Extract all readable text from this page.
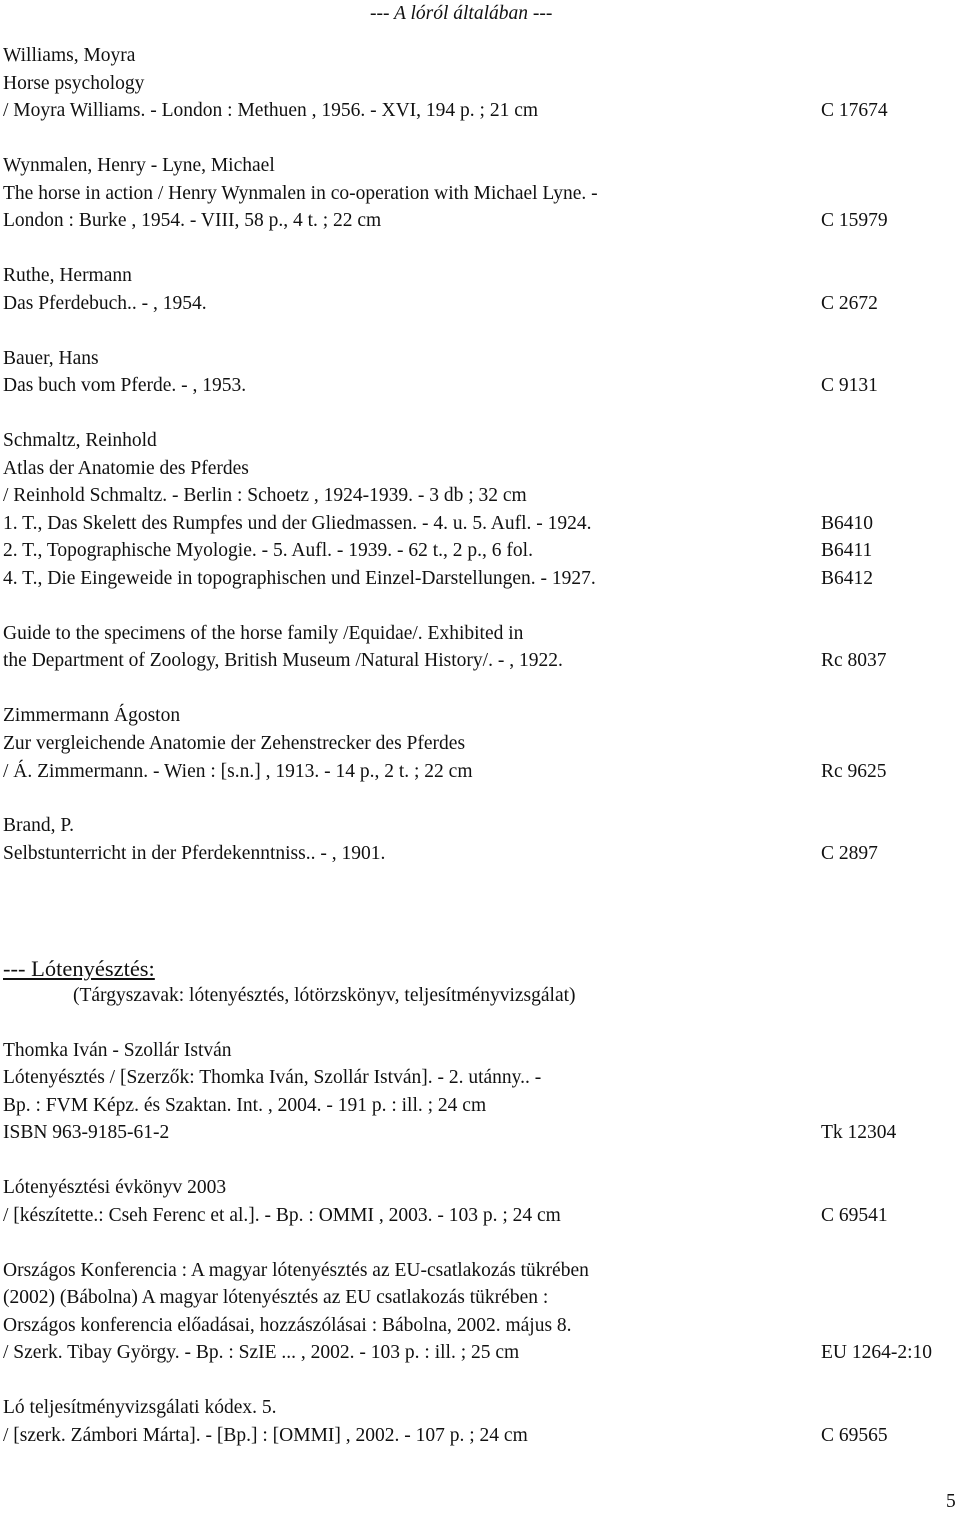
--- A lóról általában ---
Williams, Moyra
Horse psychology
/ Moyra Williams. - London : Methuen , 1956. - XVI, 194 p. ; 21 cm	C 17674
Wynmalen, Henry - Lyne, Michael
The horse in action / Henry Wynmalen in co-operation with Michael Lyne. -
London : Burke , 1954. - VIII, 58 p., 4 t. ; 22 cm	C 15979
Ruthe, Hermann
Das Pferdebuch.. - , 1954.	C 2672
Bauer, Hans
Das buch vom Pferde. - , 1953.	C 9131
Schmaltz, Reinhold
Atlas der Anatomie des Pferdes
/ Reinhold Schmaltz. - Berlin : Schoetz , 1924-1939. - 3 db ; 32 cm
1. T., Das Skelett des Rumpfes und der Gliedmassen. - 4. u. 5. Aufl. - 1924.	B6410
2. T., Topographische Myologie. - 5. Aufl. - 1939. - 62 t., 2 p., 6 fol.	B6411
4. T., Die Eingeweide in topographischen und Einzel-Darstellungen. - 1927.	B6412
Guide to the specimens of the horse family /Equidae/. Exhibited in
the Department of Zoology, British Museum /Natural History/. - , 1922.	Rc 8037
Zimmermann Ágoston
Zur vergleichende Anatomie der Zehenstrecker des Pferdes
/ Á. Zimmermann. - Wien : [s.n.] , 1913. - 14 p., 2 t. ; 22 cm	Rc 9625
Brand, P.
Selbstunterricht in der Pferdekenntniss.. - , 1901.	C 2897
--- Lótenyésztés:
(Tárgyszavak: lótenyésztés, lótörzskönyv, teljesítményvizsgálat)
Thomka Iván - Szollár István
Lótenyésztés / [Szerzők: Thomka Iván, Szollár István]. - 2. utánny.. -
Bp. : FVM Képz. és Szaktan. Int. , 2004. - 191 p. : ill. ; 24 cm
ISBN 963-9185-61-2	Tk 12304
Lótenyésztési évkönyv 2003
/ [készítette.: Cseh Ferenc et al.]. - Bp. : OMMI , 2003. - 103 p. ; 24 cm	C 69541
Országos Konferencia : A magyar lótenyésztés az EU-csatlakozás tükrében
(2002) (Bábolna) A magyar lótenyésztés az EU csatlakozás tükrében :
Országos konferencia előadásai, hozzászólásai : Bábolna, 2002. május 8.
/ Szerk. Tibay György. - Bp. : SzIE ... , 2002. - 103 p. : ill. ; 25 cm	EU 1264-2:10
Ló teljesítményvizsgálati kódex. 5.
/ [szerk. Zámbori Márta]. - [Bp.] : [OMMI] , 2002. - 107 p. ; 24 cm	C 69565
5
